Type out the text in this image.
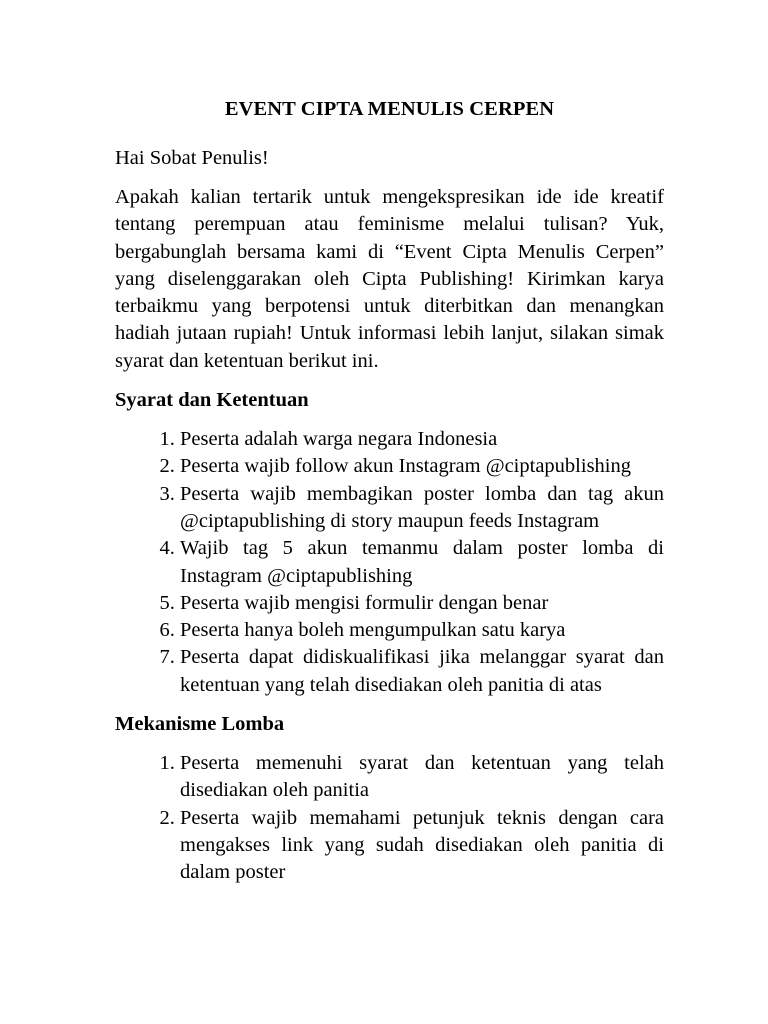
EVENT CIPTA MENULIS CERPEN

Hai Sobat Penulis!

Apakah kalian tertarik untuk mengekspresikan ide ide kreatif tentang perempuan atau feminisme melalui tulisan? Yuk, bergabunglah bersama kami di “Event Cipta Menulis Cerpen” yang diselenggarakan oleh Cipta Publishing! Kirimkan karya terbaikmu yang berpotensi untuk diterbitkan dan menangkan hadiah jutaan rupiah! Untuk informasi lebih lanjut, silakan simak syarat dan ketentuan berikut ini.

Syarat dan Ketentuan
1. Peserta adalah warga negara Indonesia
2. Peserta wajib follow akun Instagram @ciptapublishing
3. Peserta wajib membagikan poster lomba dan tag akun @ciptapublishing di story maupun feeds Instagram
4. Wajib tag 5 akun temanmu dalam poster lomba di Instagram @ciptapublishing
5. Peserta wajib mengisi formulir dengan benar
6. Peserta hanya boleh mengumpulkan satu karya
7. Peserta dapat didiskualifikasi jika melanggar syarat dan ketentuan yang telah disediakan oleh panitia di atas
Mekanisme Lomba
1. Peserta memenuhi syarat dan ketentuan yang telah disediakan oleh panitia
2. Peserta wajib memahami petunjuk teknis dengan cara mengakses link yang sudah disediakan oleh panitia di dalam poster
